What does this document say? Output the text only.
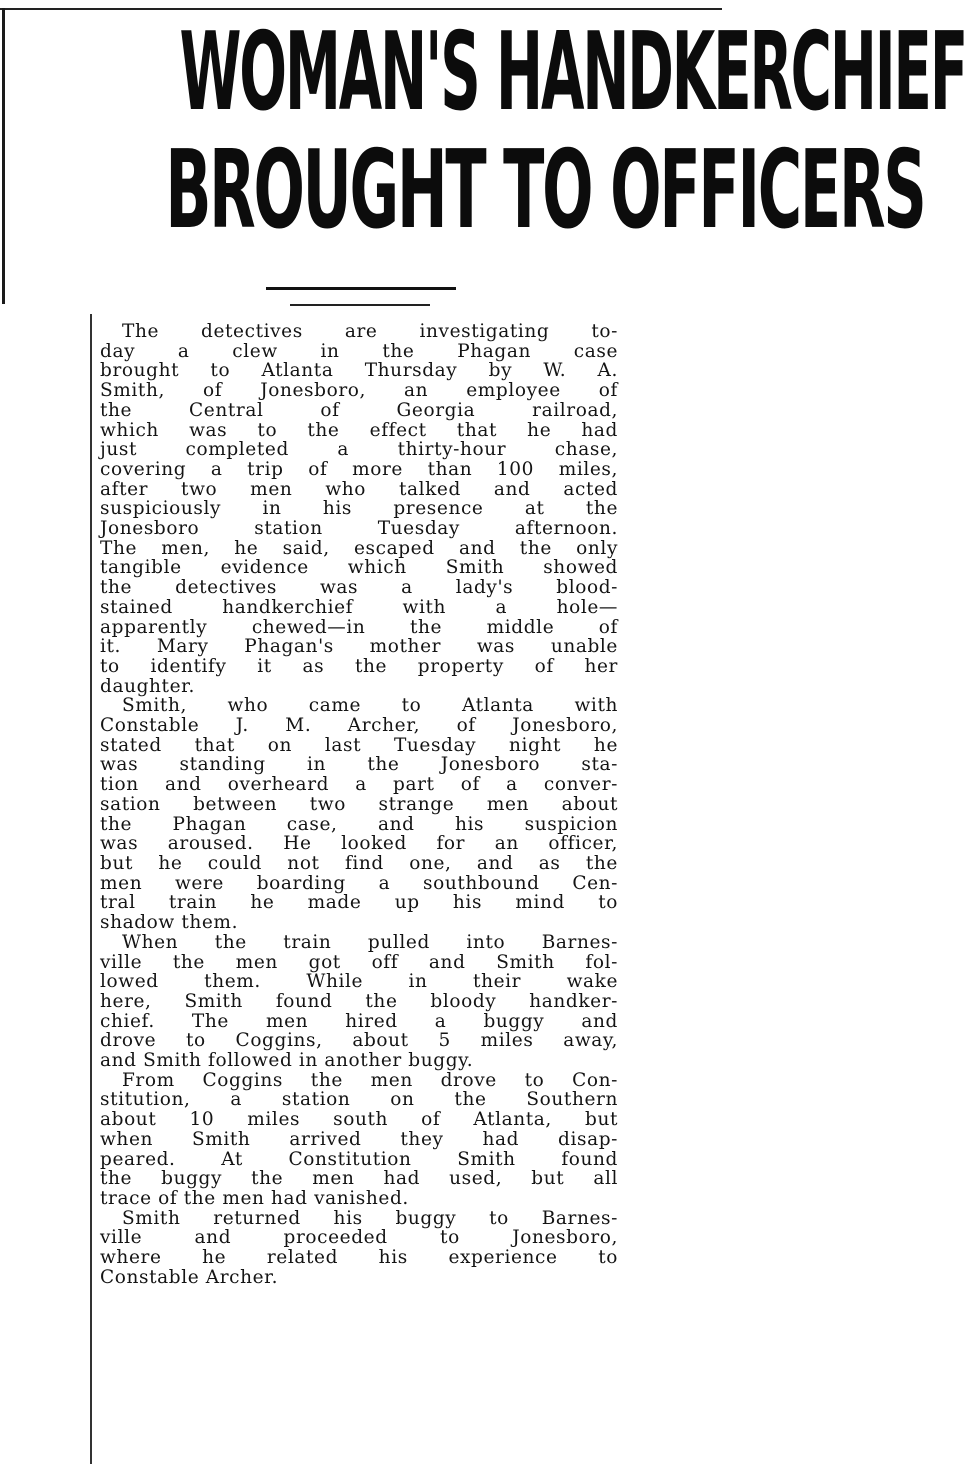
WOMAN'S HANDKERCHIEF
BROUGHT TO OFFICERS
The detectives are investigating to-
day a clew in the Phagan case
brought to Atlanta Thursday by W. A.
Smith, of Jonesboro, an employee of
the Central of Georgia railroad,
which was to the effect that he had
just completed a thirty-hour chase,
covering a trip of more than 100 miles,
after two men who talked and acted
suspiciously in his presence at the
Jonesboro station Tuesday afternoon.
The men, he said, escaped and the only
tangible evidence which Smith showed
the detectives was a lady's blood-
stained handkerchief with a hole—
apparently chewed—in the middle of
it. Mary Phagan's mother was unable
to identify it as the property of her
daughter.
Smith, who came to Atlanta with
Constable J. M. Archer, of Jonesboro,
stated that on last Tuesday night he
was standing in the Jonesboro sta-
tion and overheard a part of a conver-
sation between two strange men about
the Phagan case, and his suspicion
was aroused. He looked for an officer,
but he could not find one, and as the
men were boarding a southbound Cen-
tral train he made up his mind to
shadow them.
When the train pulled into Barnes-
ville the men got off and Smith fol-
lowed them. While in their wake
here, Smith found the bloody handker-
chief. The men hired a buggy and
drove to Coggins, about 5 miles away,
and Smith followed in another buggy.
From Coggins the men drove to Con-
stitution, a station on the Southern
about 10 miles south of Atlanta, but
when Smith arrived they had disap-
peared. At Constitution Smith found
the buggy the men had used, but all
trace of the men had vanished.
Smith returned his buggy to Barnes-
ville and proceeded to Jonesboro,
where he related his experience to
Constable Archer.
